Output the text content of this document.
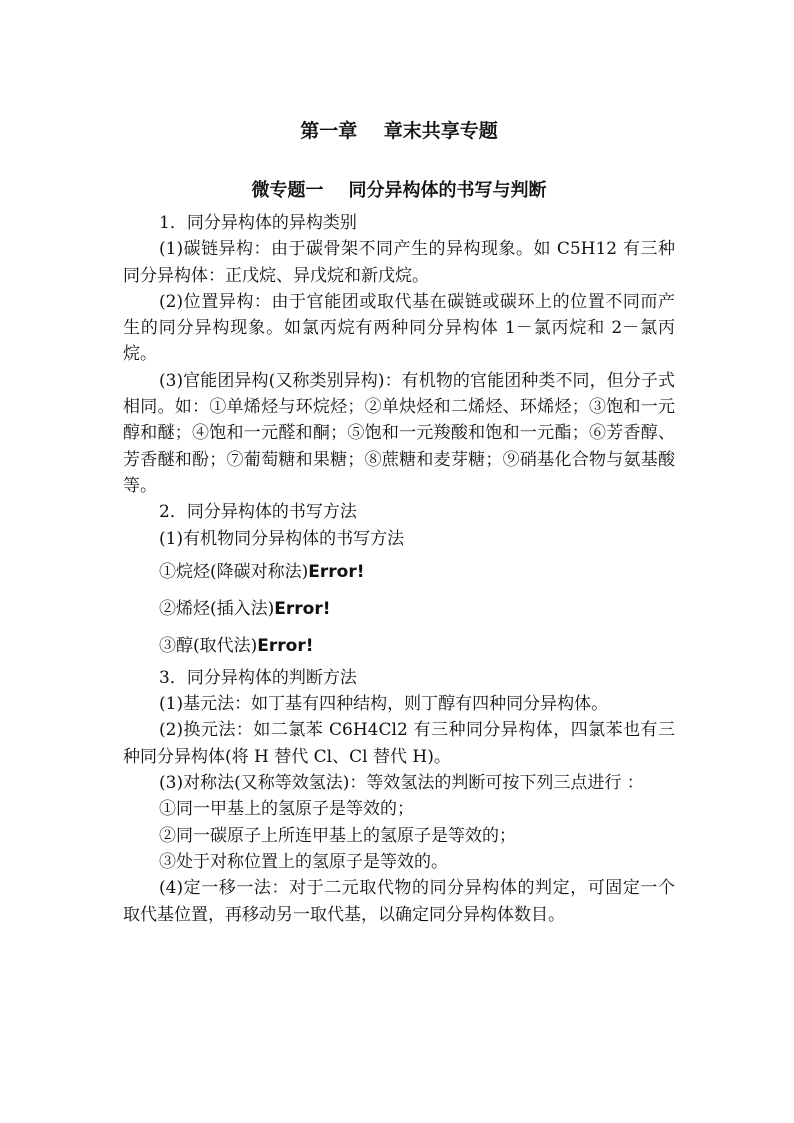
第一章    章末共享专题
微专题一    同分异构体的书写与判断
1．同分异构体的异构类别

(1)碳链异构：由于碳骨架不同产生的异构现象。如 C5H12 有三种同分异构体：正戊烷、异戊烷和新戊烷。

(2)位置异构：由于官能团或取代基在碳链或碳环上的位置不同而产生的同分异构现象。如氯丙烷有两种同分异构体 1－氯丙烷和 2－氯丙烷。

(3)官能团异构(又称类别异构)：有机物的官能团种类不同，但分子式相同。如：①单烯烃与环烷烃；②单炔烃和二烯烃、环烯烃；③饱和一元醇和醚；④饱和一元醛和酮；⑤饱和一元羧酸和饱和一元酯；⑥芳香醇、芳香醚和酚；⑦葡萄糖和果糖；⑧蔗糖和麦芽糖；⑨硝基化合物与氨基酸等。

2．同分异构体的书写方法

(1)有机物同分异构体的书写方法

①烷烃(降碳对称法)Error!
②烯烃(插入法)Error!
③醇(取代法)Error!
3．同分异构体的判断方法

(1)基元法：如丁基有四种结构，则丁醇有四种同分异构体。

(2)换元法：如二氯苯 C6H4Cl2 有三种同分异构体，四氯苯也有三种同分异构体(将 H 替代 Cl、Cl 替代 H)。

(3)对称法(又称等效氢法)：等效氢法的判断可按下列三点进行 ：

①同一甲基上的氢原子是等效的；
②同一碳原子上所连甲基上的氢原子是等效的；
③处于对称位置上的氢原子是等效的。

(4)定一移一法：对于二元取代物的同分异构体的判定，可固定一个取代基位置，再移动另一取代基，以确定同分异构体数目。
